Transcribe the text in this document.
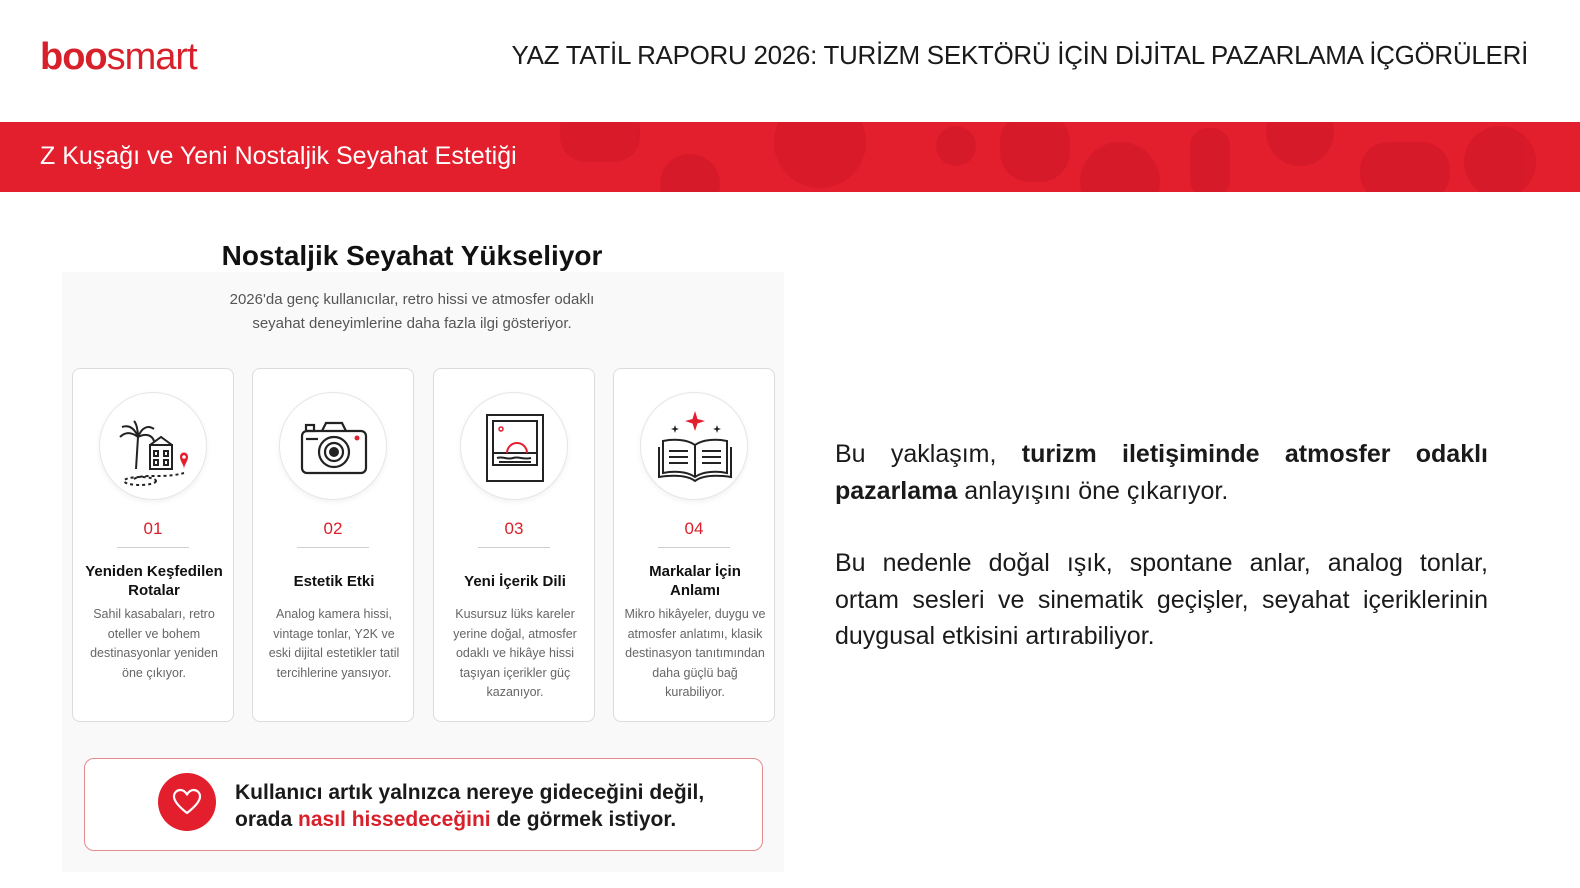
boosmart	YAZ TATİL RAPORU 2026: TURİZM SEKTÖRÜ İÇİN DİJİTAL PAZARLAMA İÇGÖRÜLERİ
Z Kuşağı ve Yeni Nostaljik Seyahat Estetiği
Nostaljik Seyahat Yükseliyor
2026'da genç kullanıcılar, retro hissi ve atmosfer odaklı
seyahat deneyimlerine daha fazla ilgi gösteriyor.
01
Yeniden Keşfedilen
Rotalar
Sahil kasabaları, retro
oteller ve bohem
destinasyonlar yeniden
öne çıkıyor.
02
Estetik Etki
Analog kamera hissi,
vintage tonlar, Y2K ve
eski dijital estetikler tatil
tercihlerine yansıyor.
03
Yeni İçerik Dili
Kusursuz lüks kareler
yerine doğal, atmosfer
odaklı ve hikâye hissi
taşıyan içerikler güç
kazanıyor.
04
Markalar İçin
Anlamı
Mikro hikâyeler, duygu ve
atmosfer anlatımı, klasik
destinasyon tanıtımından
daha güçlü bağ
kurabiliyor.
Kullanıcı artık yalnızca nereye gideceğini değil,
orada nasıl hissedeceğini de görmek istiyor.

Bu yaklaşım, turizm iletişiminde atmosfer odaklı pazarlama anlayışını öne çıkarıyor.

Bu nedenle doğal ışık, spontane anlar, analog tonlar, ortam sesleri ve sinematik geçişler, seyahat içeriklerinin duygusal etkisini artırabiliyor.
